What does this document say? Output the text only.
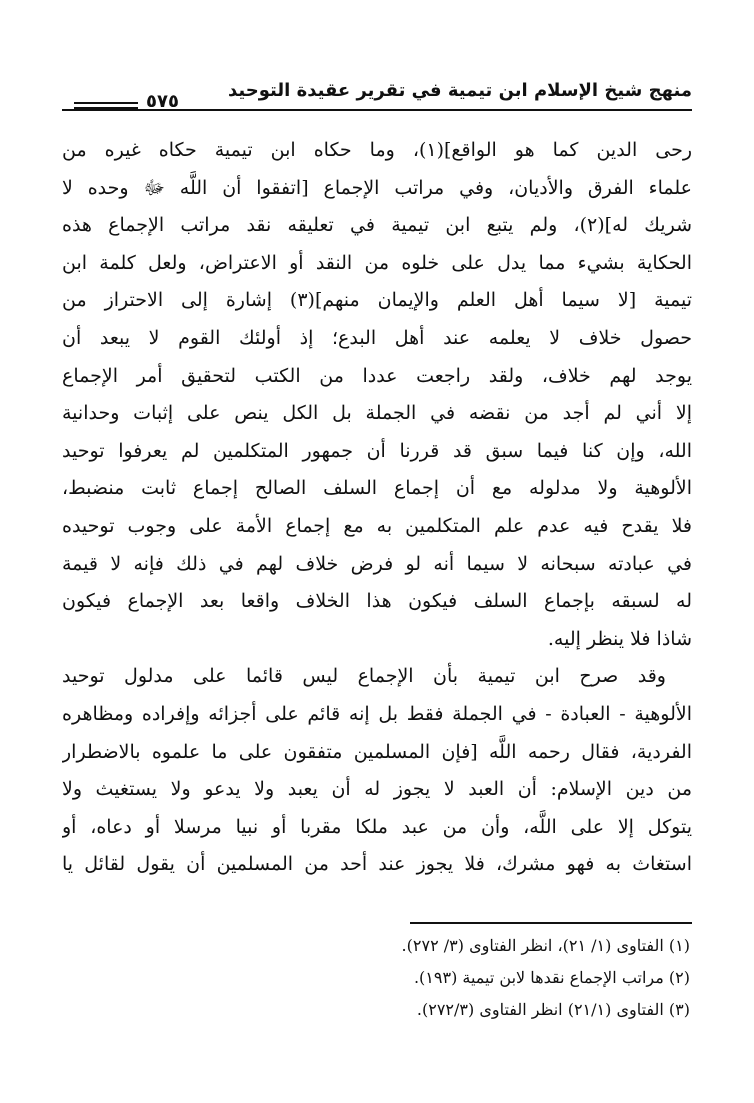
منهج شيخ الإسلام ابن تيمية في تقرير عقيدة التوحيد
٥٧٥
رحى الدين كما هو الواقع](١)، وما حكاه ابن تيمية حكاه غيره من
علماء الفرق والأديان، وفي مراتب الإجماع [اتفقوا أن اللَّه ﷻ وحده لا
شريك له](٢)، ولم يتبع ابن تيمية في تعليقه نقد مراتب الإجماع هذه
الحكاية بشيء مما يدل على خلوه من النقد أو الاعتراض، ولعل كلمة ابن
تيمية [لا سيما أهل العلم والإيمان منهم](٣) إشارة إلى الاحتراز من
حصول خلاف لا يعلمه عند أهل البدع؛ إذ أولئك القوم لا يبعد أن
يوجد لهم خلاف، ولقد راجعت عددا من الكتب لتحقيق أمر الإجماع
إلا أني لم أجد من نقضه في الجملة بل الكل ينص على إثبات وحدانية
الله، وإن كنا فيما سبق قد قررنا أن جمهور المتكلمين لم يعرفوا توحيد
الألوهية ولا مدلوله مع أن إجماع السلف الصالح إجماع ثابت منضبط،
فلا يقدح فيه عدم علم المتكلمين به مع إجماع الأمة على وجوب توحيده
في عبادته سبحانه لا سيما أنه لو فرض خلاف لهم في ذلك فإنه لا قيمة
له لسبقه بإجماع السلف فيكون هذا الخلاف واقعا بعد الإجماع فيكون
شاذا فلا ينظر إليه.
وقد صرح ابن تيمية بأن الإجماع ليس قائما على مدلول توحيد
الألوهية - العبادة - في الجملة فقط بل إنه قائم على أجزائه وإفراده ومظاهره
الفردية، فقال رحمه اللَّه [فإن المسلمين متفقون على ما علموه بالاضطرار
من دين الإسلام: أن العبد لا يجوز له أن يعبد ولا يدعو ولا يستغيث ولا
يتوكل إلا على اللَّه، وأن من عبد ملكا مقربا أو نبيا مرسلا أو دعاه، أو
استغاث به فهو مشرك، فلا يجوز عند أحد من المسلمين أن يقول لقائل يا
(١) الفتاوى (١/ ٢١)، انظر الفتاوى (٣/ ٢٧٢).
(٢) مراتب الإجماع نقدها لابن تيمية (١٩٣).
(٣) الفتاوى (٢١/١) انظر الفتاوى (٢٧٢/٣).
